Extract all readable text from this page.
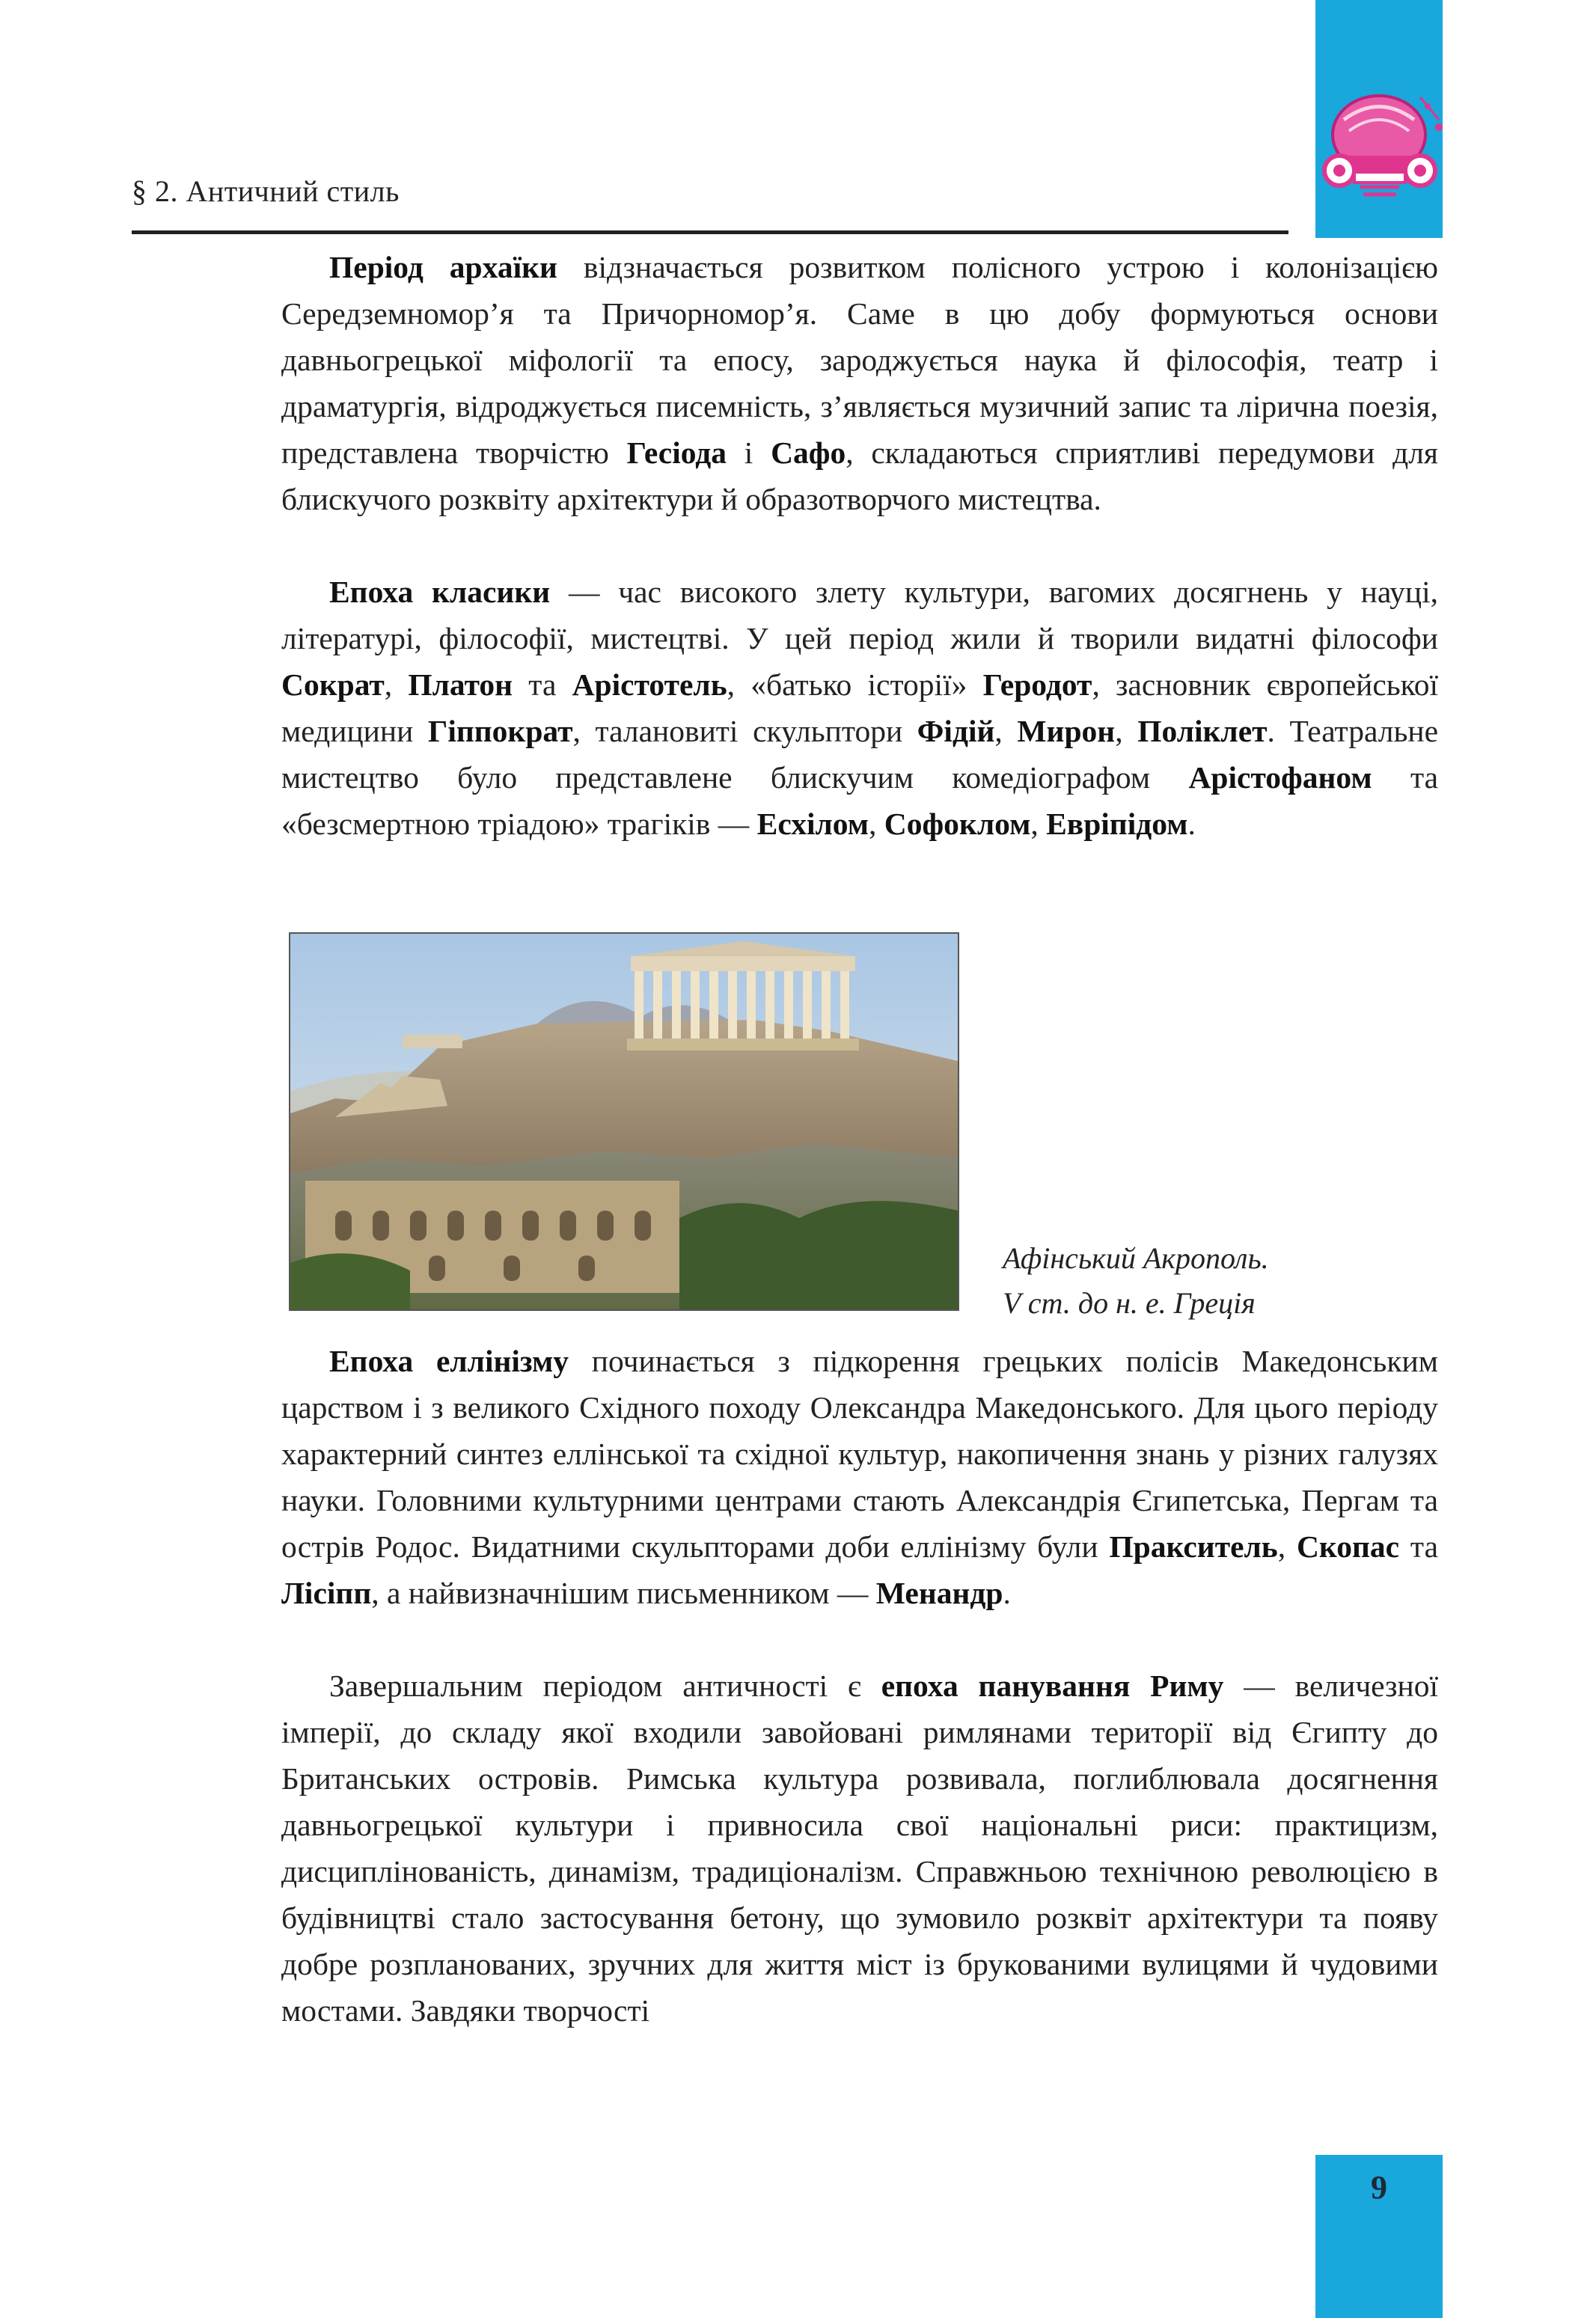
§ 2. Античний стиль

Період архаїки відзначається розвитком полісного устрою і колонізацією Середземномор’я та Причорномор’я. Саме в цю добу формуються основи давньогрецької міфології та епосу, зароджується наука й філософія, театр і драматургія, відроджується писемність, з’являється музичний запис та лірична поезія, представлена творчістю Гесіода і Сафо, складаються сприятливі передумови для блискучого розквіту архітектури й образотворчого мистецтва.

Епоха класики — час високого злету культури, вагомих досягнень у науці, літературі, філософії, мистецтві. У цей період жили й творили видатні філософи Сократ, Платон та Арістотель, «батько історії» Геродот, засновник європейської медицини Гіппократ, талановиті скульптори Фідій, Мирон, Поліклет. Театральне мистецтво було представлене блискучим комедіографом Арістофаном та «безсмертною тріадою» трагіків — Есхілом, Софоклом, Евріпідом.

Афінський Акрополь.
V ст. до н. е. Греція

Епоха еллінізму починається з підкорення грецьких полісів Македонським царством і з великого Східного походу Олександра Македонського. Для цього періоду характерний синтез еллінської та східної культур, накопичення знань у різних галузях науки. Головними культурними центрами стають Александрія Єгипетська, Пергам та острів Родос. Видатними скульпторами доби еллінізму були Пракситель, Скопас та Лісіпп, а найвизначнішим письменником — Менандр.

Завершальним періодом античності є епоха панування Риму — величезної імперії, до складу якої входили завойовані римлянами території від Єгипту до Британських островів. Римська культура розвивала, поглиблювала досягнення давньогрецької культури і привносила свої національні риси: практицизм, дисциплінованість, динамізм, традиціоналізм. Справжньою технічною революцією в будівництві стало застосування бетону, що зумовило розквіт архітектури та появу добре розпланованих, зручних для життя міст із брукованими вулицями й чудовими мостами. Завдяки творчості

9
